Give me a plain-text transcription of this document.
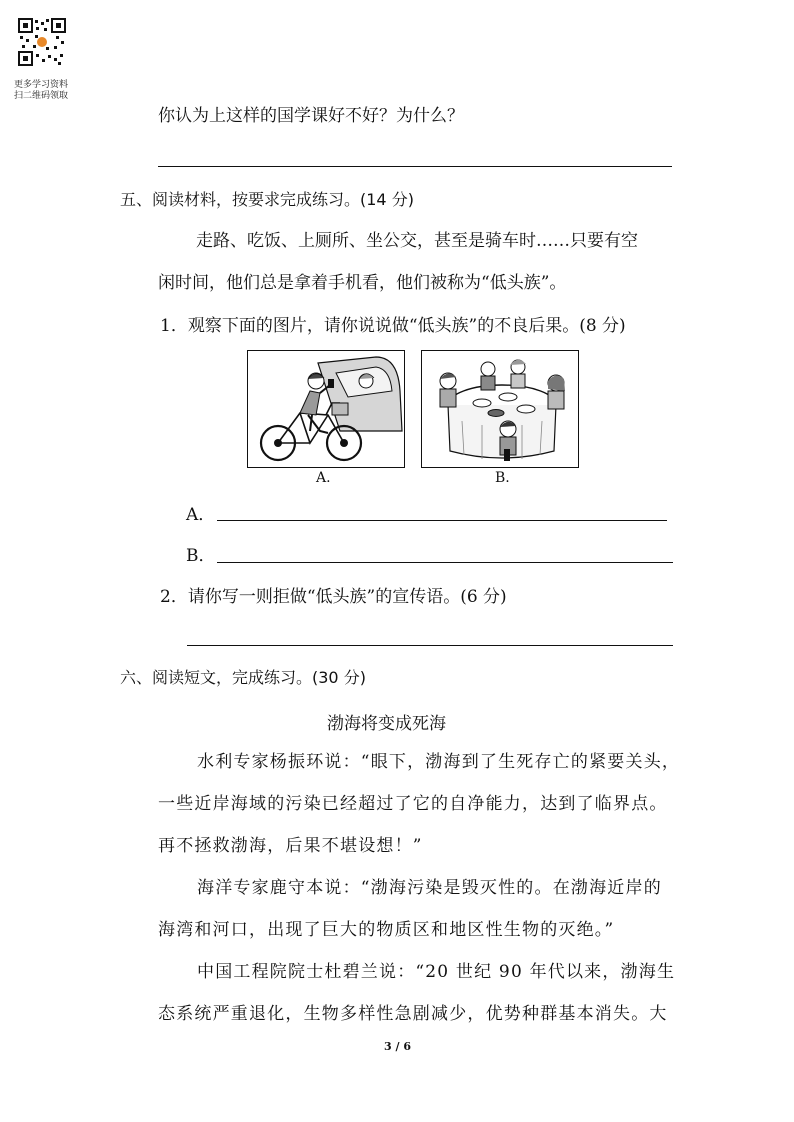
更多学习资料
扫二维码领取
你认为上这样的国学课好不好？为什么？
五、阅读材料，按要求完成练习。(14 分)
走路、吃饭、上厕所、坐公交，甚至是骑车时……只要有空
闲时间，他们总是拿着手机看，他们被称为“低头族”。
1．观察下面的图片，请你说说做“低头族”的不良后果。(8 分)
A.	B.
A．
B．
2．请你写一则拒做“低头族”的宣传语。(6 分)
六、阅读短文，完成练习。(30 分)
渤海将变成死海
水利专家杨振环说：“眼下，渤海到了生死存亡的紧要关头，
一些近岸海域的污染已经超过了它的自净能力，达到了临界点。
再不拯救渤海，后果不堪设想！”
海洋专家鹿守本说：“渤海污染是毁灭性的。在渤海近岸的
海湾和河口，出现了巨大的物质区和地区性生物的灭绝。”
中国工程院院士杜碧兰说：“20 世纪 90 年代以来，渤海生
态系统严重退化，生物多样性急剧减少，优势种群基本消失。大
3 / 6
